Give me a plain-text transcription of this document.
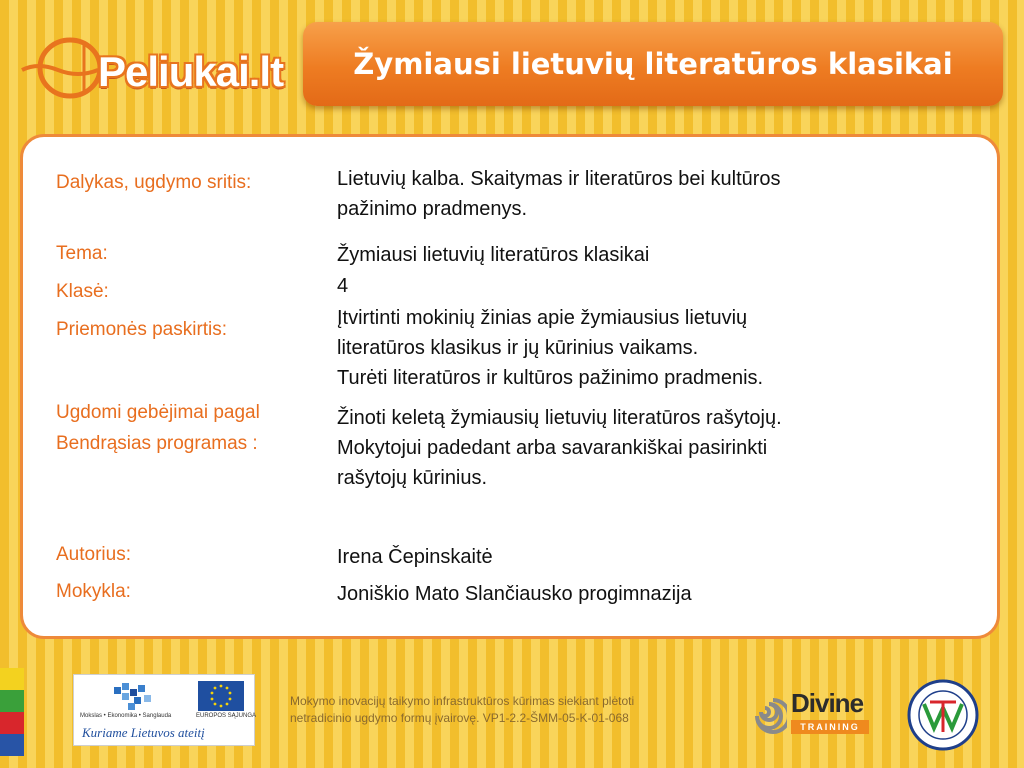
Peliukai.lt Žymiausi lietuvių literatūros klasikai
Dalykas, ugdymo sritis:	Lietuvių kalba. Skaitymas ir literatūros bei kultūros
pažinimo pradmenys.
Tema:	Žymiausi lietuvių literatūros klasikai
Klasė:	4
Priemonės paskirtis:
Įtvirtinti mokinių žinias apie žymiausius lietuvių
literatūros klasikus ir jų kūrinius vaikams.
Turėti literatūros ir kultūros pažinimo pradmenis.
Ugdomi gebėjimai pagal
Bendrąsias programas :
Žinoti keletą žymiausių lietuvių literatūros rašytojų.
Mokytojui padedant arba savarankiškai pasirinkti
rašytojų kūrinius.
Autorius:	Irena Čepinskaitė
Mokykla:	Joniškio Mato Slančiausko progimnazija
Mokslas • Ekonomika • Sanglauda	EUROPOS SĄJUNGA
Kuriame Lietuvos ateitį
Mokymo inovacijų taikymo infrastruktūros kūrimas siekiant plėtoti
netradicinio ugdymo formų įvairovę. VP1-2.2-ŠMM-05-K-01-068	Divine
TRAINING
